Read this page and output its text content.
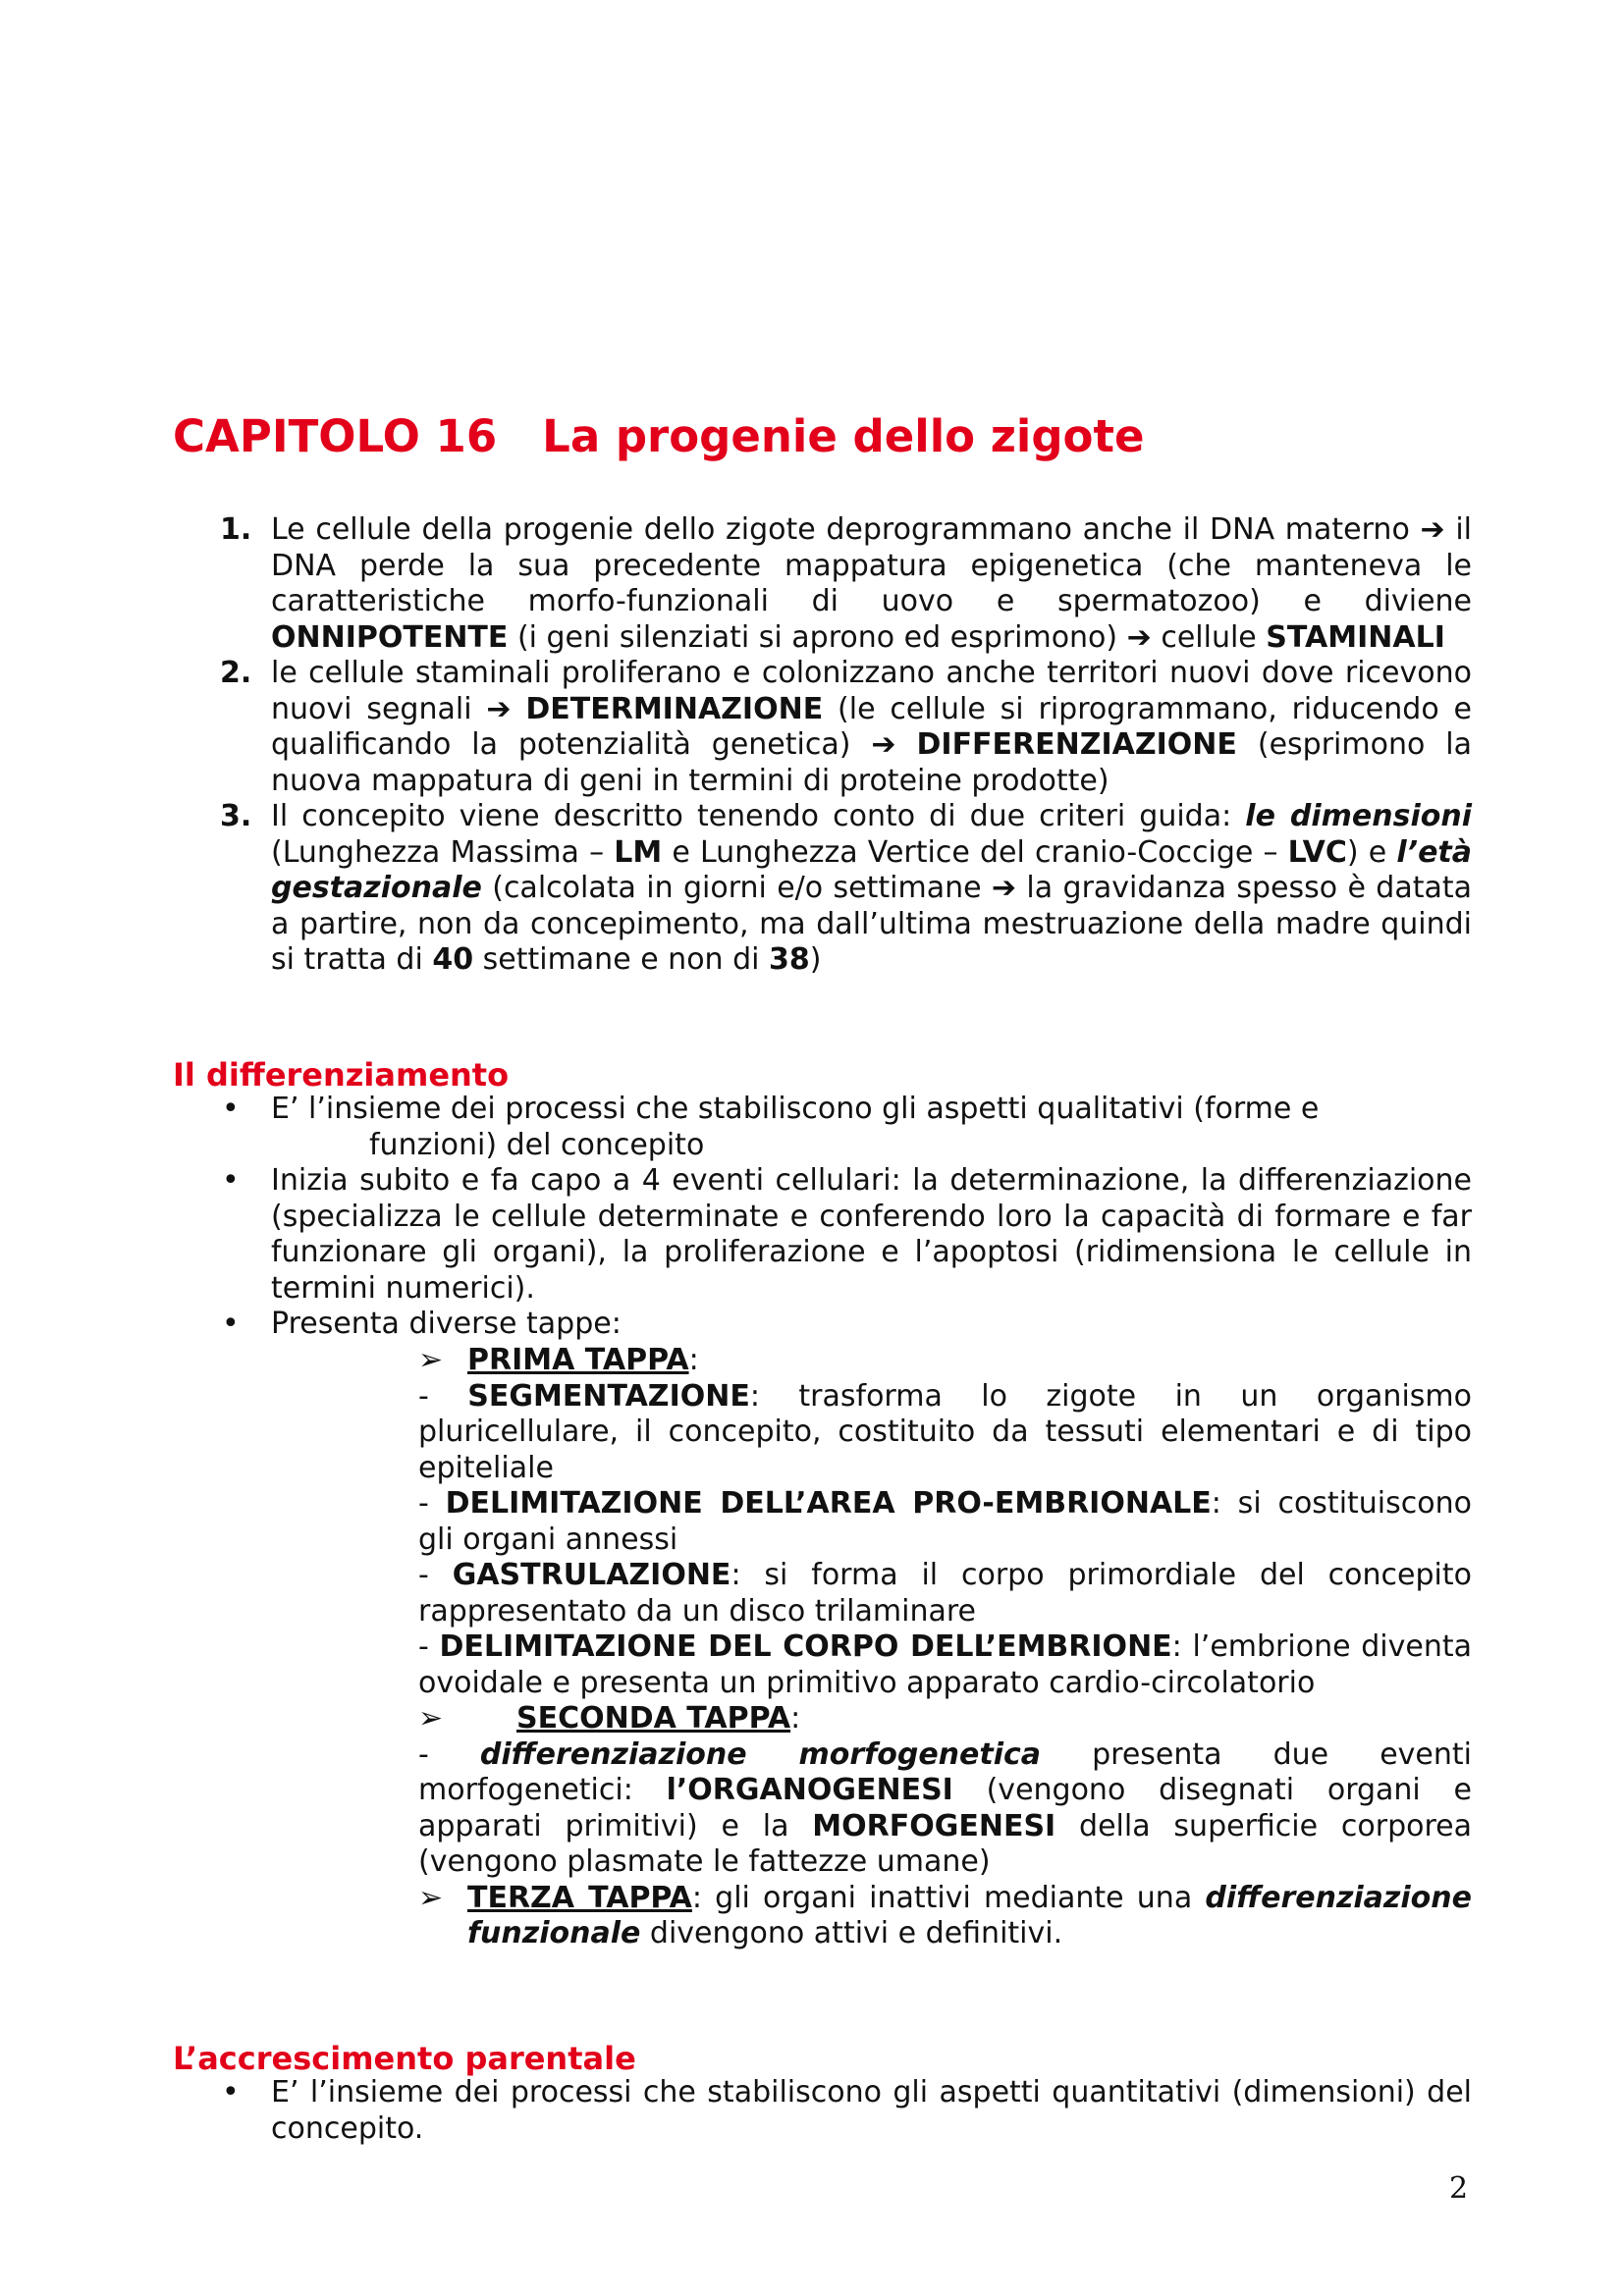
CAPITOLO 16 La progenie dello zigote
1. Le cellule della progenie dello zigote deprogrammano anche il DNA materno ➔ il DNA perde la sua precedente mappatura epigenetica (che manteneva le caratteristiche morfo-funzionali di uovo e spermatozoo) e diviene ONNIPOTENTE (i geni silenziati si aprono ed esprimono) ➔ cellule STAMINALI
2. le cellule staminali proliferano e colonizzano anche territori nuovi dove ricevono nuovi segnali ➔ DETERMINAZIONE (le cellule si riprogrammano, riducendo e qualificando la potenzialità genetica) ➔ DIFFERENZIAZIONE (esprimono la nuova mappatura di geni in termini di proteine prodotte)
3. Il concepito viene descritto tenendo conto di due criteri guida: le dimensioni (Lunghezza Massima – LM e Lunghezza Vertice del cranio-Coccige – LVC) e l’età gestazionale (calcolata in giorni e/o settimane ➔ la gravidanza spesso è datata a partire, non da concepimento, ma dall’ultima mestruazione della madre quindi si tratta di 40 settimane e non di 38)
Il differenziamento
• E’ l’insieme dei processi che stabiliscono gli aspetti qualitativi (forme e
funzioni) del concepito
• Inizia subito e fa capo a 4 eventi cellulari: la determinazione, la differenziazione (specializza le cellule determinate e conferendo loro la capacità di formare e far funzionare gli organi), la proliferazione e l’apoptosi (ridimensiona le cellule in termini numerici).
• Presenta diverse tappe:

➢ PRIMA TAPPA:

- SEGMENTAZIONE: trasforma lo zigote in un organismo pluricellulare, il concepito, costituito da tessuti elementari e di tipo epiteliale

- DELIMITAZIONE DELL’AREA PRO-EMBRIONALE: si costituiscono gli organi annessi

- GASTRULAZIONE: si forma il corpo primordiale del concepito rappresentato da un disco trilaminare

- DELIMITAZIONE DEL CORPO DELL’EMBRIONE: l’embrione diventa ovoidale e presenta un primitivo apparato cardio-circolatorio

➢ SECONDA TAPPA:

- differenziazione morfogenetica presenta due eventi morfogenetici: l’ORGANOGENESI (vengono disegnati organi e apparati primitivi) e la MORFOGENESI della superficie corporea (vengono plasmate le fattezze umane)

➢ TERZA TAPPA: gli organi inattivi mediante una differenziazione funzionale divengono attivi e definitivi.

L’accrescimento parentale
• E’ l’insieme dei processi che stabiliscono gli aspetti quantitativi (dimensioni) del concepito.
2
